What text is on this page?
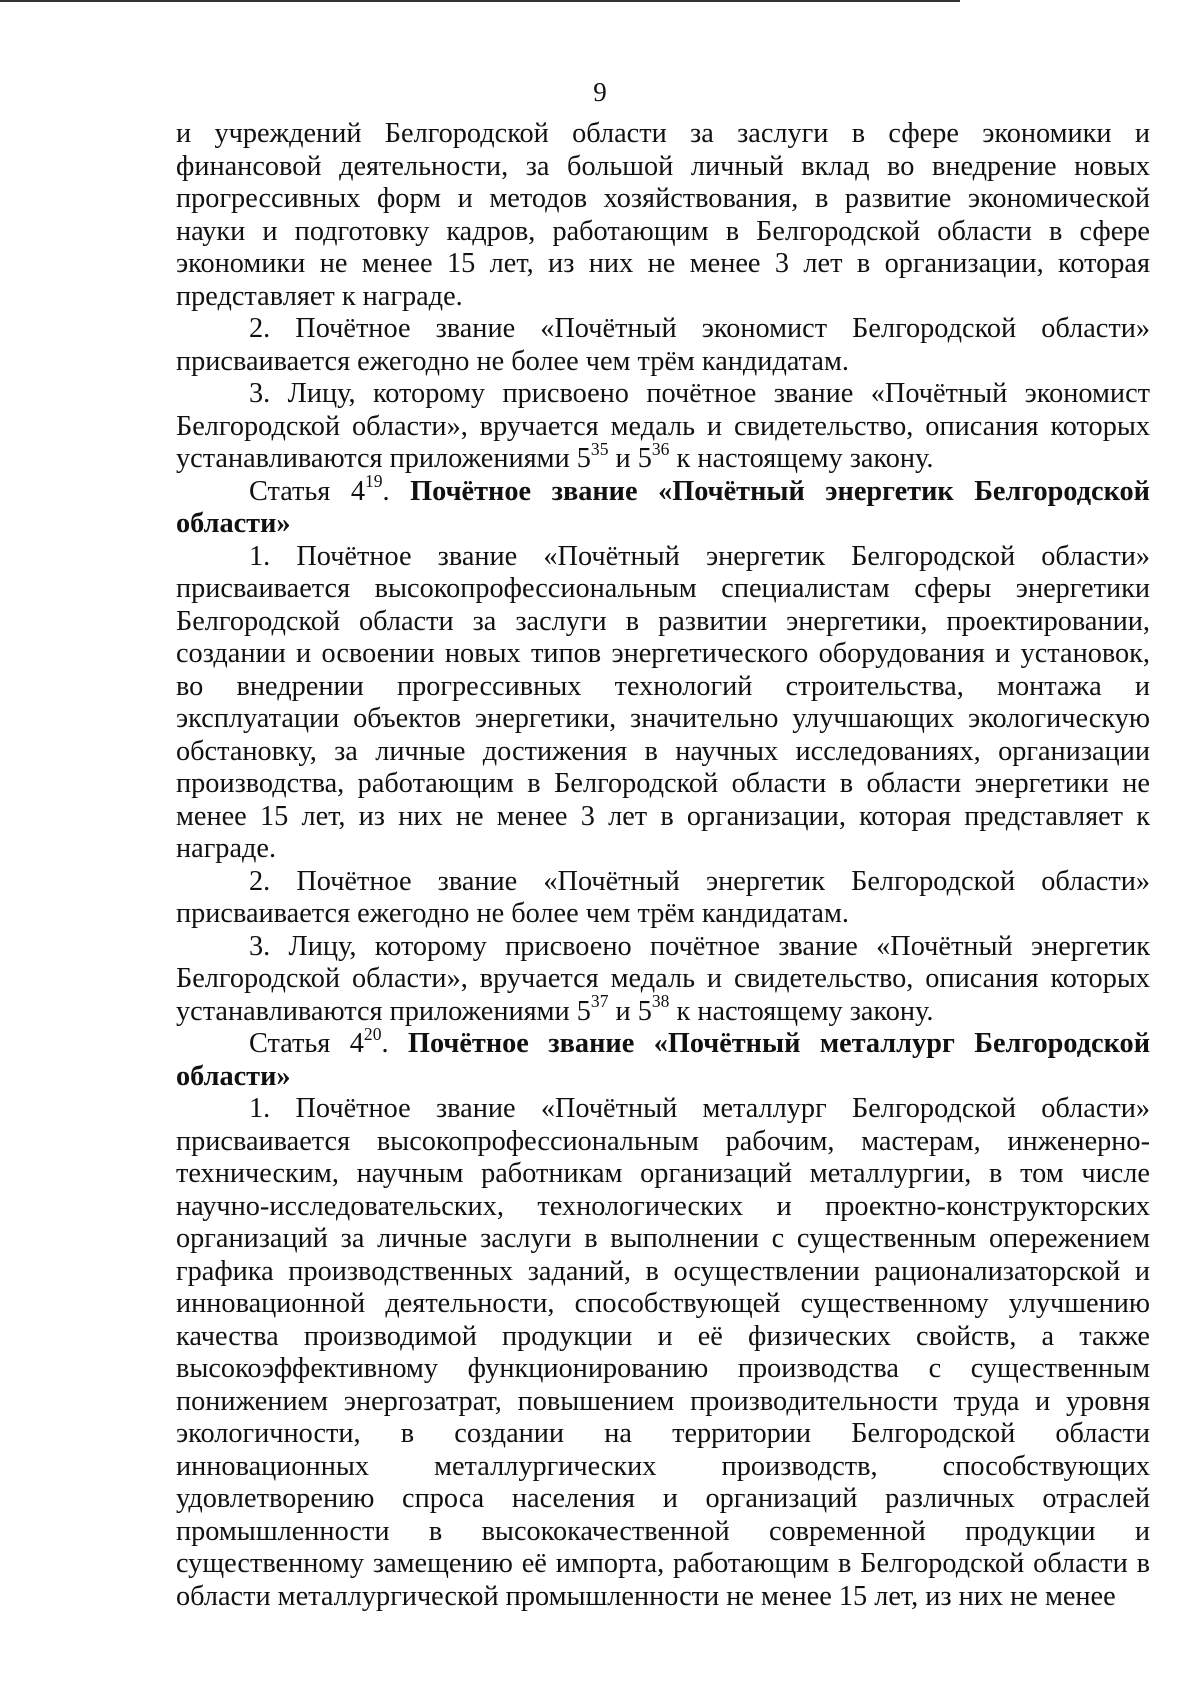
9

и учреждений Белгородской области за заслуги в сфере экономики и финансовой деятельности, за большой личный вклад во внедрение новых прогрессивных форм и методов хозяйствования, в развитие экономической науки и подготовку кадров, работающим в Белгородской области в сфере экономики не менее 15 лет, из них не менее 3 лет в организации, которая представляет к награде.

2. Почётное звание «Почётный экономист Белгородской области» присваивается ежегодно не более чем трём кандидатам.

3. Лицу, которому присвоено почётное звание «Почётный экономист Белгородской области», вручается медаль и свидетельство, описания которых устанавливаются приложениями $5^{35}$ и $5^{36}$ к настоящему закону.

Статья $4^{19}$. Почётное звание «Почётный энергетик Белгородской области»

1. Почётное звание «Почётный энергетик Белгородской области» присваивается высокопрофессиональным специалистам сферы энергетики Белгородской области за заслуги в развитии энергетики, проектировании, создании и освоении новых типов энергетического оборудования и установок, во внедрении прогрессивных технологий строительства, монтажа и эксплуатации объектов энергетики, значительно улучшающих экологическую обстановку, за личные достижения в научных исследованиях, организации производства, работающим в Белгородской области в области энергетики не менее 15 лет, из них не менее 3 лет в организации, которая представляет к награде.

2. Почётное звание «Почётный энергетик Белгородской области» присваивается ежегодно не более чем трём кандидатам.

3. Лицу, которому присвоено почётное звание «Почётный энергетик Белгородской области», вручается медаль и свидетельство, описания которых устанавливаются приложениями $5^{37}$ и $5^{38}$ к настоящему закону.

Статья $4^{20}$. Почётное звание «Почётный металлург Белгородской области»

1. Почётное звание «Почётный металлург Белгородской области» присваивается высокопрофессиональным рабочим, мастерам, инженерно-техническим, научным работникам организаций металлургии, в том числе научно-исследовательских, технологических и проектно-конструкторских организаций за личные заслуги в выполнении с существенным опережением графика производственных заданий, в осуществлении рационализаторской и инновационной деятельности, способствующей существенному улучшению качества производимой продукции и её физических свойств, а также высокоэффективному функционированию производства с существенным понижением энергозатрат, повышением производительности труда и уровня экологичности, в создании на территории Белгородской области инновационных металлургических производств, способствующих удовлетворению спроса населения и организаций различных отраслей промышленности в высококачественной современной продукции и существенному замещению её импорта, работающим в Белгородской области в области металлургической промышленности не менее 15 лет, из них не менее
